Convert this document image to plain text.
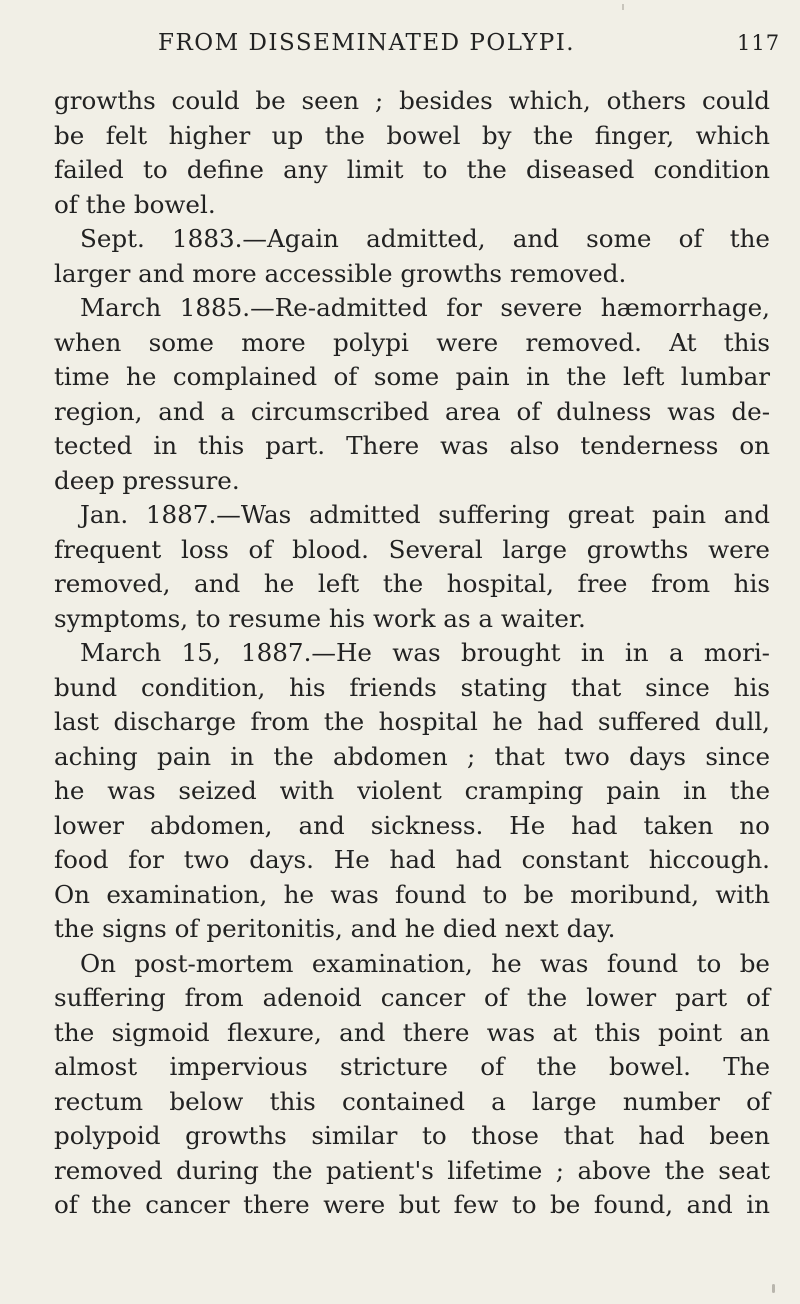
FROM DISSEMINATED POLYPI.	117
growths could be seen ; besides which, others could
be felt higher up the bowel by the finger, which
failed to define any limit to the diseased condition
of the bowel.
Sept. 1883.—Again admitted, and some of the
larger and more accessible growths removed.
March 1885.—Re-admitted for severe hæmorrhage,
when some more polypi were removed. At this
time he complained of some pain in the left lumbar
region, and a circumscribed area of dulness was de-
tected in this part. There was also tenderness on
deep pressure.
Jan. 1887.—Was admitted suffering great pain and
frequent loss of blood. Several large growths were
removed, and he left the hospital, free from his
symptoms, to resume his work as a waiter.
March 15, 1887.—He was brought in in a mori-
bund condition, his friends stating that since his
last discharge from the hospital he had suffered dull,
aching pain in the abdomen ; that two days since
he was seized with violent cramping pain in the
lower abdomen, and sickness. He had taken no
food for two days. He had had constant hiccough.
On examination, he was found to be moribund, with
the signs of peritonitis, and he died next day.
On post-mortem examination, he was found to be
suffering from adenoid cancer of the lower part of
the sigmoid flexure, and there was at this point an
almost impervious stricture of the bowel. The
rectum below this contained a large number of
polypoid growths similar to those that had been
removed during the patient's lifetime ; above the seat
of the cancer there were but few to be found, and in
